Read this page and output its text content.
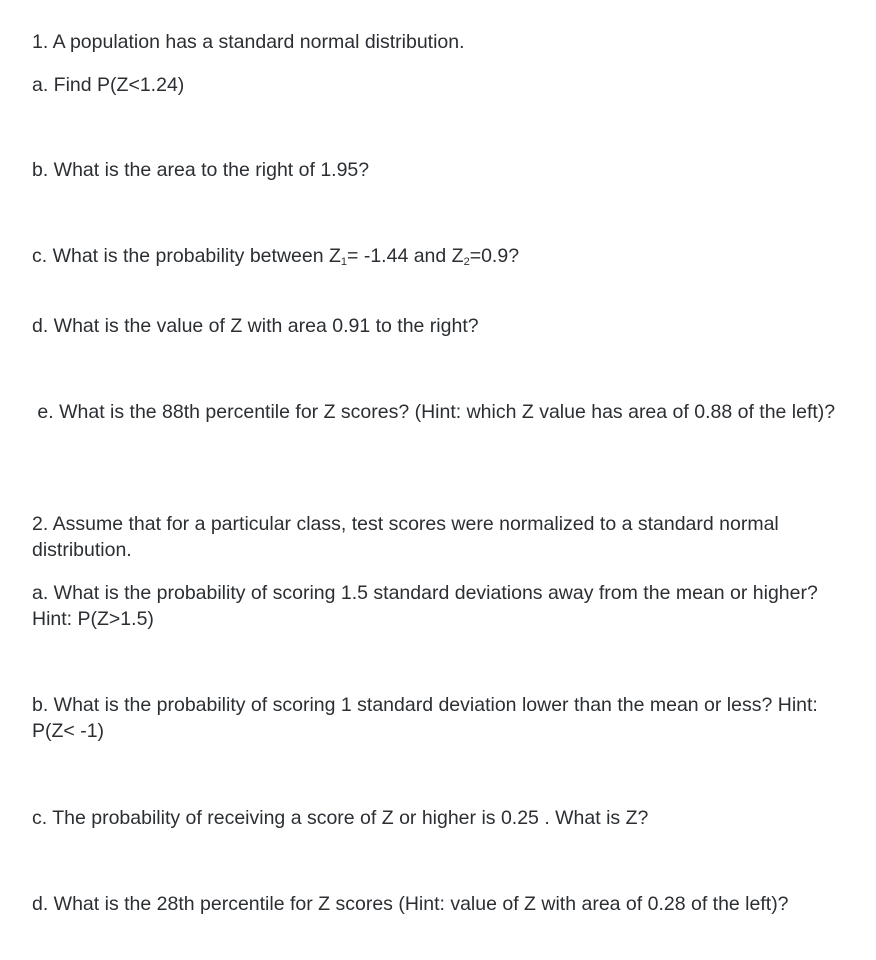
1. A population has a standard normal distribution.

a. Find P(Z<1.24)

b. What is the area to the right of 1.95?

c. What is the probability between $Z_1= -1.44$ and $Z_2=0.9$?

d. What is the value of Z with area 0.91 to the right?

e. What is the 88th percentile for Z scores? (Hint: which Z value has area of 0.88 of the left)?

2. Assume that for a particular class, test scores were normalized to a standard normal distribution.

a. What is the probability of scoring 1.5 standard deviations away from the mean or higher? Hint: P(Z>1.5)

b. What is the probability of scoring 1 standard deviation lower than the mean or less? Hint: P(Z< -1)

c. The probability of receiving a score of Z or higher is 0.25 . What is Z?

d. What is the 28th percentile for Z scores (Hint: value of Z with area of 0.28 of the left)?
